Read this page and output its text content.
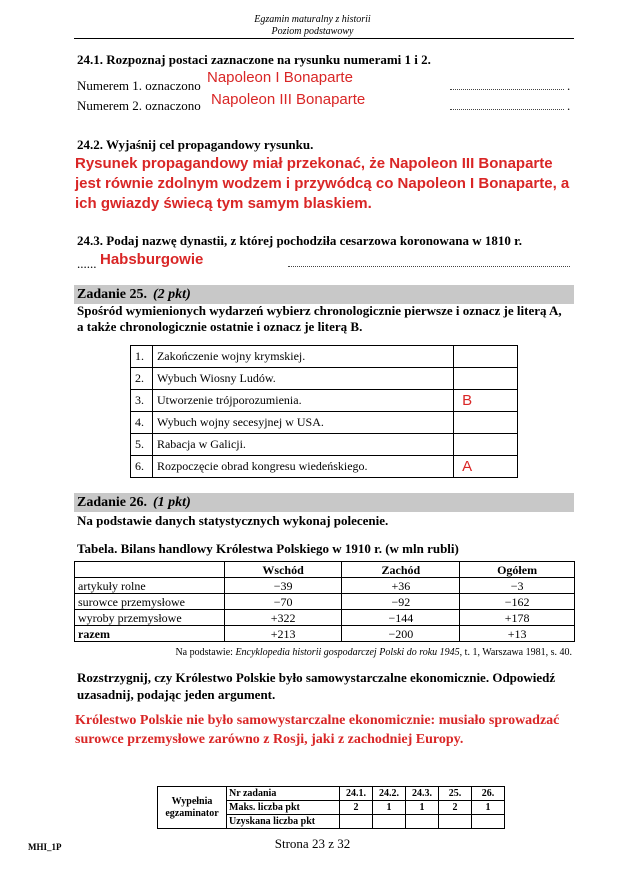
Egzamin maturalny z historii
Poziom podstawowy
24.1. Rozpoznaj postaci zaznaczone na rysunku numerami 1 i 2.
Numerem 1. oznaczono Napoleon I Bonaparte	.
Numerem 2. oznaczono Napoleon III Bonaparte	.
24.2. Wyjaśnij cel propagandowy rysunku.
Rysunek propagandowy miał przekonać, że Napoleon III Bonaparte
jest równie zdolnym wodzem i przywódcą co Napoleon I Bonaparte, a
ich gwiazdy świecą tym samym blaskiem.
24.3. Podaj nazwę dynastii, z której pochodziła cesarzowa koronowana w 1810 r.
...... Habsburgowie
Zadanie 25. (2 pkt)
Spośród wymienionych wydarzeń wybierz chronologicznie pierwsze i oznacz je literą A,
a także chronologicznie ostatnie i oznacz je literą B.
1.	Zakończenie wojny krymskiej.	
2.	Wybuch Wiosny Ludów.	
3.	Utworzenie trójporozumienia.	B
4.	Wybuch wojny secesyjnej w USA.	
5.	Rabacja w Galicji.	
6.	Rozpoczęcie obrad kongresu wiedeńskiego.	A
Zadanie 26. (1 pkt)
Na podstawie danych statystycznych wykonaj polecenie.
Tabela. Bilans handlowy Królestwa Polskiego w 1910 r. (w mln rubli)
	Wschód	Zachód	Ogółem
artykuły rolne	−39	+36	−3
surowce przemysłowe	−70	−92	−162
wyroby przemysłowe	+322	−144	+178
razem	+213	−200	+13
Na podstawie: Encyklopedia historii gospodarczej Polski do roku 1945, t. 1, Warszawa 1981, s. 40.
Rozstrzygnij, czy Królestwo Polskie było samowystarczalne ekonomicznie. Odpowiedź
uzasadnij, podając jeden argument.
Królestwo Polskie nie było samowystarczalne ekonomicznie: musiało sprowadzać
surowce przemysłowe zarówno z Rosji, jaki z zachodniej Europy.
Wypełnia
egzaminator	Nr zadania	24.1.	24.2.	24.3.	25.	26.
	Maks. liczba pkt	2	1	1	2	1
	Uzyskana liczba pkt					
Strona 23 z 32
MHI_1P
